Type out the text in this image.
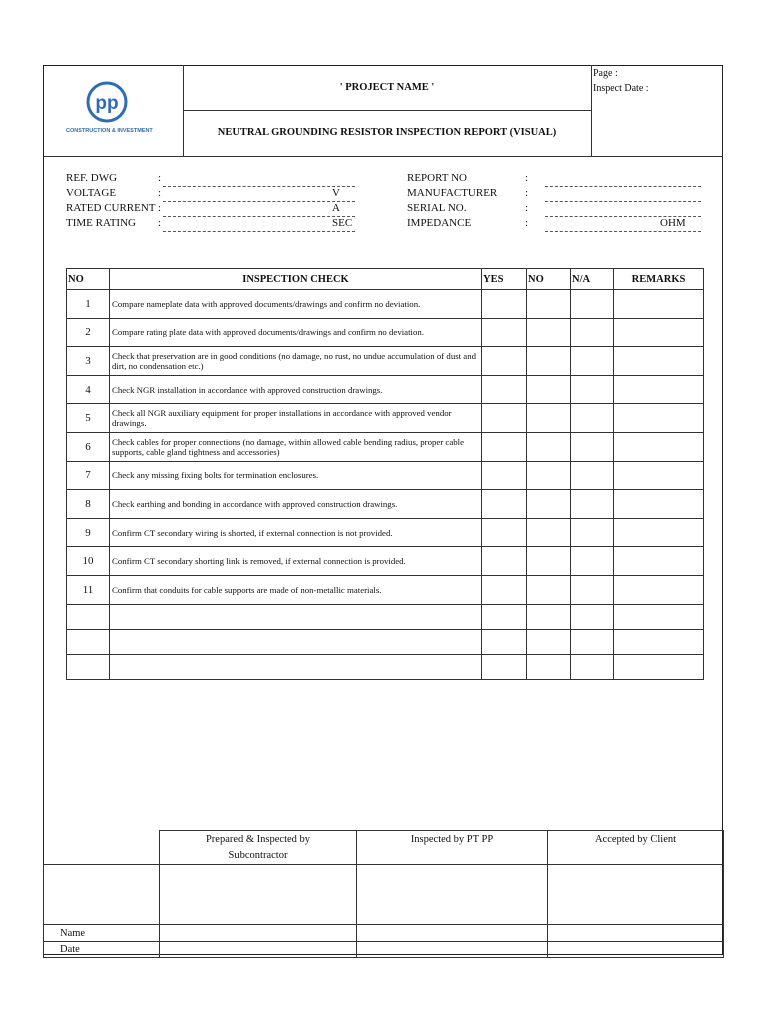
pp
CONSTRUCTION & INVESTMENT
' PROJECT NAME '
NEUTRAL GROUNDING RESISTOR INSPECTION REPORT (VISUAL)
Page :
Inspect Date :
REF. DWG	:
VOLTAGE	:	V
RATED CURRENT :	A
TIME RATING :	SEC
REPORT NO	:
MANUFACTURER	:
SERIAL NO.	:
IMPEDANCE	:	OHM
NO	INSPECTION CHECK	YES	NO	N/A	REMARKS
1	Compare nameplate data with approved documents/drawings and confirm no deviation.				
2	Compare rating plate data with approved documents/drawings and confirm no deviation.				
3	Check that preservation are in good conditions (no damage, no rust, no undue accumulation of dust and dirt, no condensation etc.)				
4	Check NGR installation in accordance with approved construction drawings.				
5	Check all NGR auxiliary equipment for proper installations in accordance with approved vendor drawings.				
6	Check cables for proper connections (no damage, within allowed cable bending radius, proper cable supports, cable gland tightness and accessories)				
7	Check any missing fixing bolts for termination enclosures.				
8	Check earthing and bonding in accordance with approved construction drawings.				
9	Confirm CT secondary wiring is shorted, if external connection is not provided.				
10	Confirm CT secondary shorting link is removed, if external connection is provided.				
11	Confirm that conduits for cable supports are made of non-metallic materials.				

	Prepared & Inspected by Subcontractor	Inspected by PT PP	Accepted by Client

Name			
Date			
